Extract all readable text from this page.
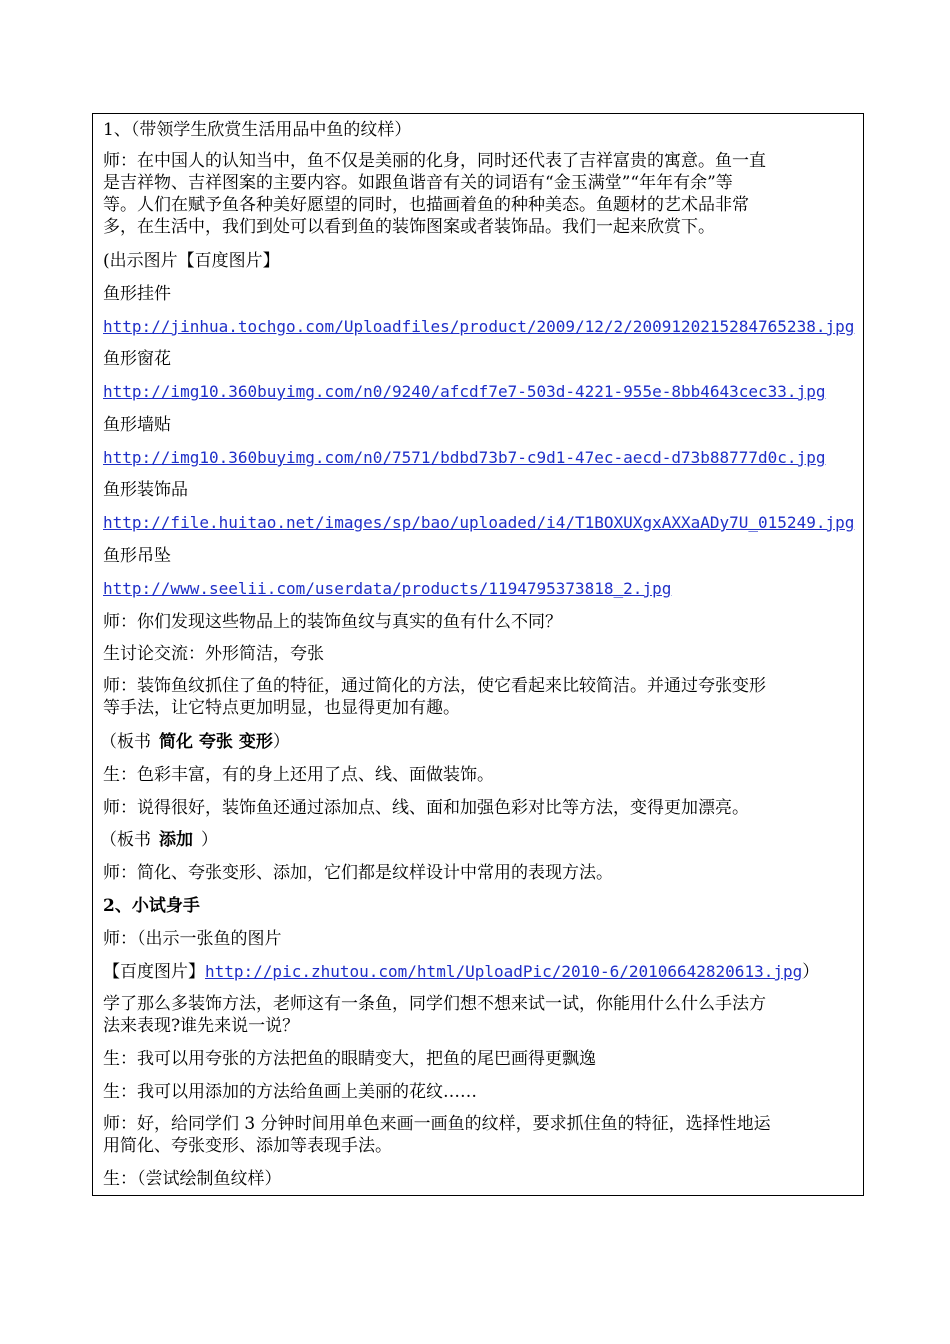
1、（带领学生欣赏生活用品中鱼的纹样）
师：在中国人的认知当中，鱼不仅是美丽的化身，同时还代表了吉祥富贵的寓意。鱼一直
是吉祥物、吉祥图案的主要内容。如跟鱼谐音有关的词语有“金玉满堂”“年年有余”等
等。人们在赋予鱼各种美好愿望的同时，也描画着鱼的种种美态。鱼题材的艺术品非常
多，在生活中，我们到处可以看到鱼的装饰图案或者装饰品。我们一起来欣赏下。
(出示图片【百度图片】
鱼形挂件
http://jinhua.tochgo.com/Uploadfiles/product/2009/12/2/2009120215284765238.jpg
鱼形窗花
http://img10.360buyimg.com/n0/9240/afcdf7e7-503d-4221-955e-8bb4643cec33.jpg
鱼形墙贴
http://img10.360buyimg.com/n0/7571/bdbd73b7-c9d1-47ec-aecd-d73b88777d0c.jpg
鱼形装饰品
http://file.huitao.net/images/sp/bao/uploaded/i4/T1BOXUXgxAXXaADy7U_015249.jpg
鱼形吊坠
http://www.seelii.com/userdata/products/1194795373818_2.jpg
师：你们发现这些物品上的装饰鱼纹与真实的鱼有什么不同？
生讨论交流：外形简洁，夸张
师：装饰鱼纹抓住了鱼的特征，通过简化的方法，使它看起来比较简洁。并通过夸张变形
等手法，让它特点更加明显，也显得更加有趣。
（板书 简化 夸张 变形）
生：色彩丰富，有的身上还用了点、线、面做装饰。
师：说得很好，装饰鱼还通过添加点、线、面和加强色彩对比等方法，变得更加漂亮。
（板书 添加 ）
师：简化、夸张变形、添加，它们都是纹样设计中常用的表现方法。
2、小试身手
师：（出示一张鱼的图片
【百度图片】http://pic.zhutou.com/html/UploadPic/2010-6/20106642820613.jpg）
学了那么多装饰方法，老师这有一条鱼，同学们想不想来试一试，你能用什么什么手法方
法来表现?谁先来说一说？
生：我可以用夸张的方法把鱼的眼睛变大，把鱼的尾巴画得更飘逸
生：我可以用添加的方法给鱼画上美丽的花纹……
师：好，给同学们 3 分钟时间用单色来画一画鱼的纹样，要求抓住鱼的特征，选择性地运
用简化、夸张变形、添加等表现手法。
生：（尝试绘制鱼纹样）
